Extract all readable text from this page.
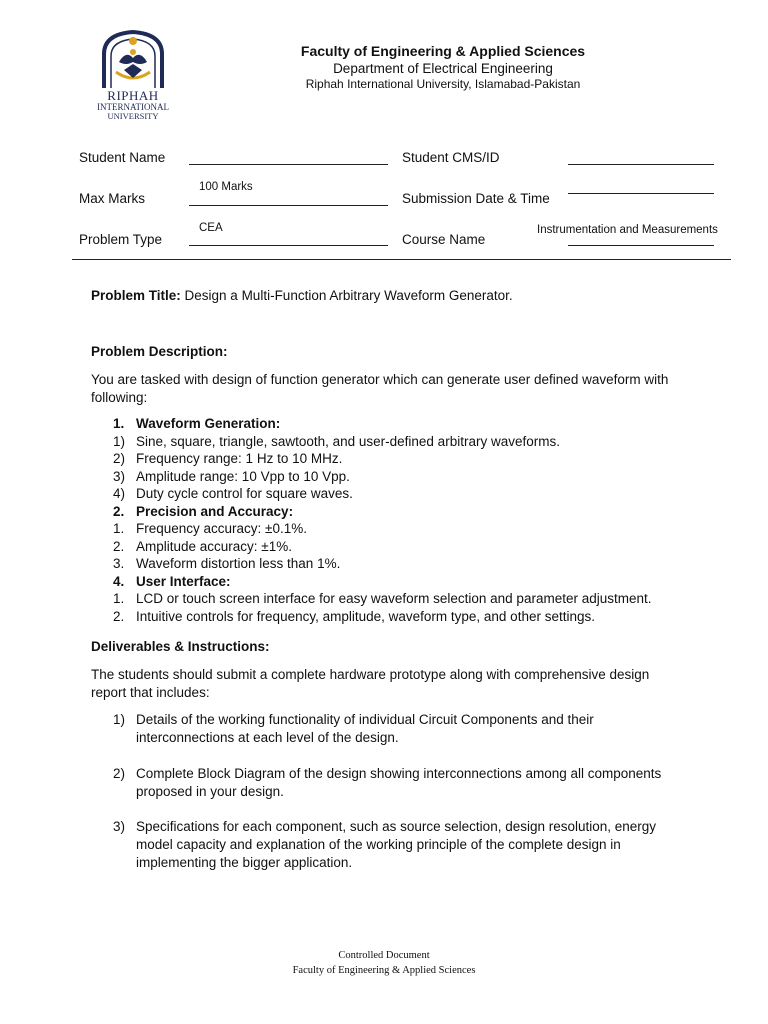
RIPHAH
INTERNATIONAL
UNIVERSITY
Faculty of Engineering & Applied Sciences
Department of Electrical Engineering
Riphah International University, Islamabad-Pakistan
Student Name	Student CMS/ID
Max Marks
100 Marks
Submission Date & Time
Problem Type
CEA
Course Name
Instrumentation and Measurements
Problem Title: Design a Multi-Function Arbitrary Waveform Generator.
Problem Description:
You are tasked with design of function generator which can generate user defined waveform with
following:
1. Waveform Generation:
1) Sine, square, triangle, sawtooth, and user-defined arbitrary waveforms.
2) Frequency range: 1 Hz to 10 MHz.
3) Amplitude range: 10 Vpp to 10 Vpp.
4) Duty cycle control for square waves.
2. Precision and Accuracy:
1. Frequency accuracy: ±0.1%.
2. Amplitude accuracy: ±1%.
3. Waveform distortion less than 1%.
4. User Interface:
1. LCD or touch screen interface for easy waveform selection and parameter adjustment.
2. Intuitive controls for frequency, amplitude, waveform type, and other settings.
Deliverables & Instructions:
The students should submit a complete hardware prototype along with comprehensive design
report that includes:
1) Details of the working functionality of individual Circuit Components and their
interconnections at each level of the design.
2) Complete Block Diagram of the design showing interconnections among all components
proposed in your design.
3) Specifications for each component, such as source selection, design resolution, energy
model capacity and explanation of the working principle of the complete design in
implementing the bigger application.
Controlled Document
Faculty of Engineering & Applied Sciences
